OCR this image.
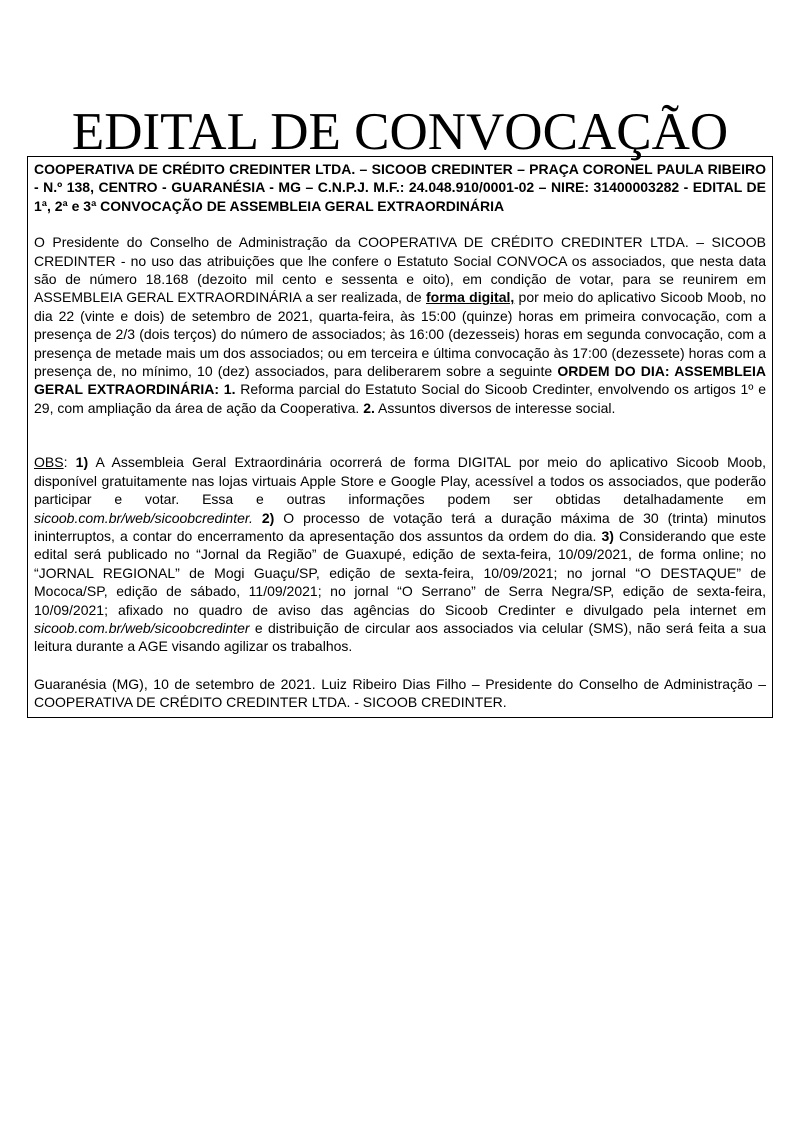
EDITAL DE CONVOCAÇÃO

COOPERATIVA DE CRÉDITO CREDINTER LTDA. – SICOOB CREDINTER – PRAÇA CORONEL PAULA RIBEIRO - N.º 138, CENTRO - GUARANÉSIA - MG – C.N.P.J. M.F.: 24.048.910/0001-02 – NIRE: 31400003282 - EDITAL DE 1ª, 2ª e 3ª CONVOCAÇÃO DE ASSEMBLEIA GERAL EXTRAORDINÁRIA

O Presidente do Conselho de Administração da COOPERATIVA DE CRÉDITO CREDINTER LTDA. – SICOOB CREDINTER - no uso das atribuições que lhe confere o Estatuto Social CONVOCA os associados, que nesta data são de número 18.168 (dezoito mil cento e sessenta e oito), em condição de votar, para se reunirem em ASSEMBLEIA GERAL EXTRAORDINÁRIA a ser realizada, de forma digital, por meio do aplicativo Sicoob Moob, no dia 22 (vinte e dois) de setembro de 2021, quarta-feira, às 15:00 (quinze) horas em primeira convocação, com a presença de 2/3 (dois terços) do número de associados; às 16:00 (dezesseis) horas em segunda convocação, com a presença de metade mais um dos associados; ou em terceira e última convocação às 17:00 (dezessete) horas com a presença de, no mínimo, 10 (dez) associados, para deliberarem sobre a seguinte ORDEM DO DIA: ASSEMBLEIA GERAL EXTRAORDINÁRIA: 1. Reforma parcial do Estatuto Social do Sicoob Credinter, envolvendo os artigos 1º e 29, com ampliação da área de ação da Cooperativa. 2. Assuntos diversos de interesse social.

OBS: 1) A Assembleia Geral Extraordinária ocorrerá de forma DIGITAL por meio do aplicativo Sicoob Moob, disponível gratuitamente nas lojas virtuais Apple Store e Google Play, acessível a todos os associados, que poderão participar e votar. Essa e outras informações podem ser obtidas detalhadamente em sicoob.com.br/web/sicoobcredinter. 2) O processo de votação terá a duração máxima de 30 (trinta) minutos ininterruptos, a contar do encerramento da apresentação dos assuntos da ordem do dia. 3) Considerando que este edital será publicado no “Jornal da Região” de Guaxupé, edição de sexta-feira, 10/09/2021, de forma online; no “JORNAL REGIONAL” de Mogi Guaçu/SP, edição de sexta-feira, 10/09/2021; no jornal “O DESTAQUE” de Mococa/SP, edição de sábado, 11/09/2021; no jornal “O Serrano” de Serra Negra/SP, edição de sexta-feira, 10/09/2021; afixado no quadro de aviso das agências do Sicoob Credinter e divulgado pela internet em sicoob.com.br/web/sicoobcredinter e distribuição de circular aos associados via celular (SMS), não será feita a sua leitura durante a AGE visando agilizar os trabalhos.

Guaranésia (MG), 10 de setembro de 2021. Luiz Ribeiro Dias Filho – Presidente do Conselho de Administração – COOPERATIVA DE CRÉDITO CREDINTER LTDA. - SICOOB CREDINTER.
